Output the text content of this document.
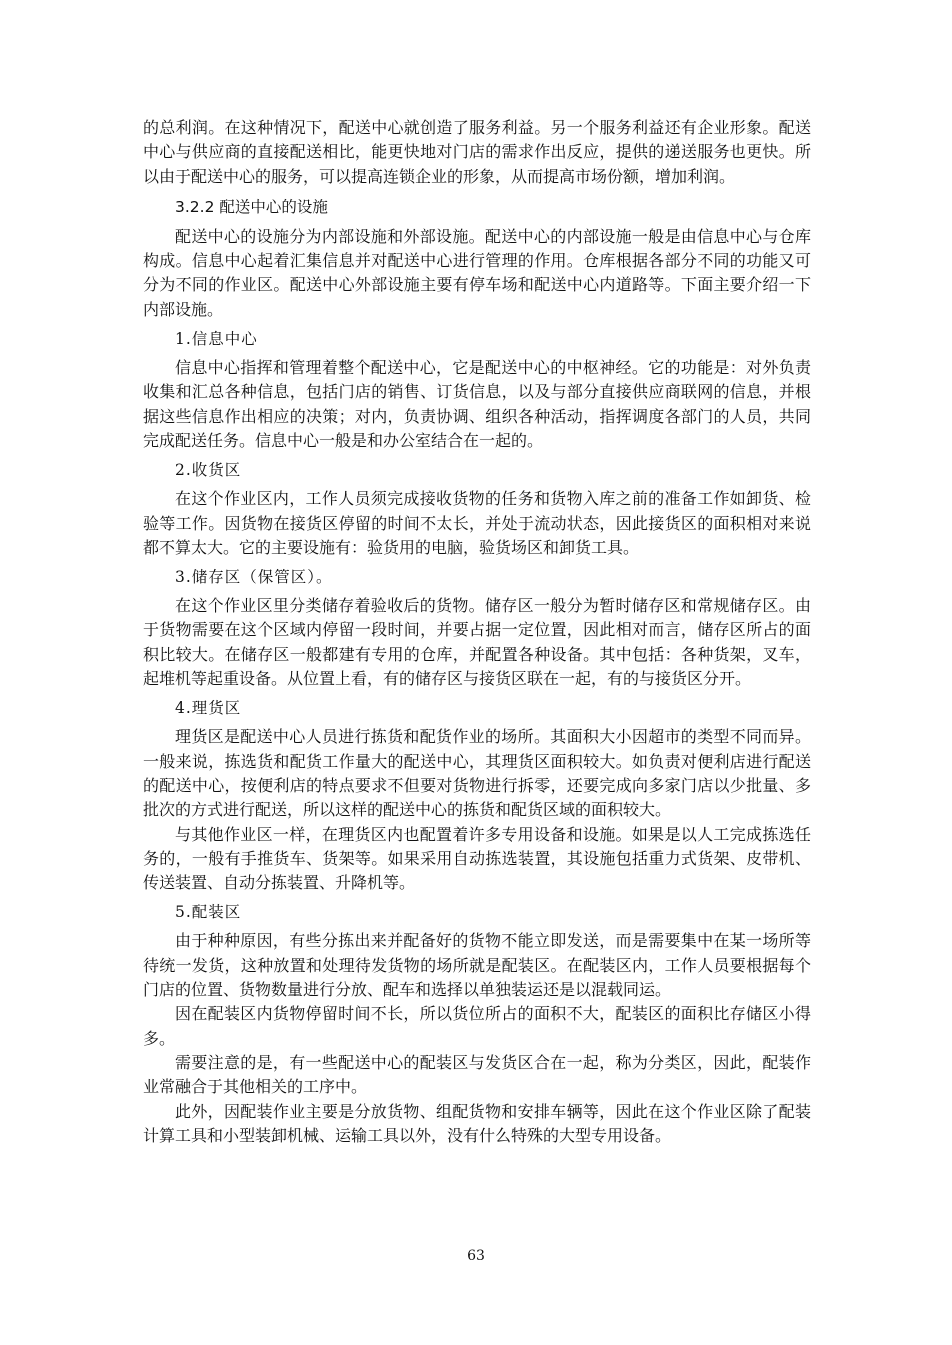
的总利润。在这种情况下，配送中心就创造了服务利益。另一个服务利益还有企业形象。配送中心与供应商的直接配送相比，能更快地对门店的需求作出反应，提供的递送服务也更快。所以由于配送中心的服务，可以提高连锁企业的形象，从而提高市场份额，增加利润。

3.2.2 配送中心的设施

配送中心的设施分为内部设施和外部设施。配送中心的内部设施一般是由信息中心与仓库构成。信息中心起着汇集信息并对配送中心进行管理的作用。仓库根据各部分不同的功能又可分为不同的作业区。配送中心外部设施主要有停车场和配送中心内道路等。下面主要介绍一下内部设施。

1.信息中心

信息中心指挥和管理着整个配送中心，它是配送中心的中枢神经。它的功能是：对外负责收集和汇总各种信息，包括门店的销售、订货信息，以及与部分直接供应商联网的信息，并根据这些信息作出相应的决策；对内，负责协调、组织各种活动，指挥调度各部门的人员，共同完成配送任务。信息中心一般是和办公室结合在一起的。

2.收货区

在这个作业区内，工作人员须完成接收货物的任务和货物入库之前的准备工作如卸货、检验等工作。因货物在接货区停留的时间不太长，并处于流动状态，因此接货区的面积相对来说都不算太大。它的主要设施有：验货用的电脑，验货场区和卸货工具。

3.储存区（保管区）。

在这个作业区里分类储存着验收后的货物。储存区一般分为暂时储存区和常规储存区。由于货物需要在这个区域内停留一段时间，并要占据一定位置，因此相对而言，储存区所占的面积比较大。在储存区一般都建有专用的仓库，并配置各种设备。其中包括：各种货架，叉车，起堆机等起重设备。从位置上看，有的储存区与接货区联在一起，有的与接货区分开。

4.理货区

理货区是配送中心人员进行拣货和配货作业的场所。其面积大小因超市的类型不同而异。一般来说，拣选货和配货工作量大的配送中心，其理货区面积较大。如负责对便利店进行配送的配送中心，按便利店的特点要求不但要对货物进行拆零，还要完成向多家门店以少批量、多批次的方式进行配送，所以这样的配送中心的拣货和配货区域的面积较大。

与其他作业区一样，在理货区内也配置着许多专用设备和设施。如果是以人工完成拣选任务的，一般有手推货车、货架等。如果采用自动拣选装置，其设施包括重力式货架、皮带机、传送装置、自动分拣装置、升降机等。

5.配装区

由于种种原因，有些分拣出来并配备好的货物不能立即发送，而是需要集中在某一场所等待统一发货，这种放置和处理待发货物的场所就是配装区。在配装区内，工作人员要根据每个门店的位置、货物数量进行分放、配车和选择以单独装运还是以混载同运。

因在配装区内货物停留时间不长，所以货位所占的面积不大，配装区的面积比存储区小得多。

需要注意的是，有一些配送中心的配装区与发货区合在一起，称为分类区，因此，配装作业常融合于其他相关的工序中。

此外，因配装作业主要是分放货物、组配货物和安排车辆等，因此在这个作业区除了配装计算工具和小型装卸机械、运输工具以外，没有什么特殊的大型专用设备。

63
